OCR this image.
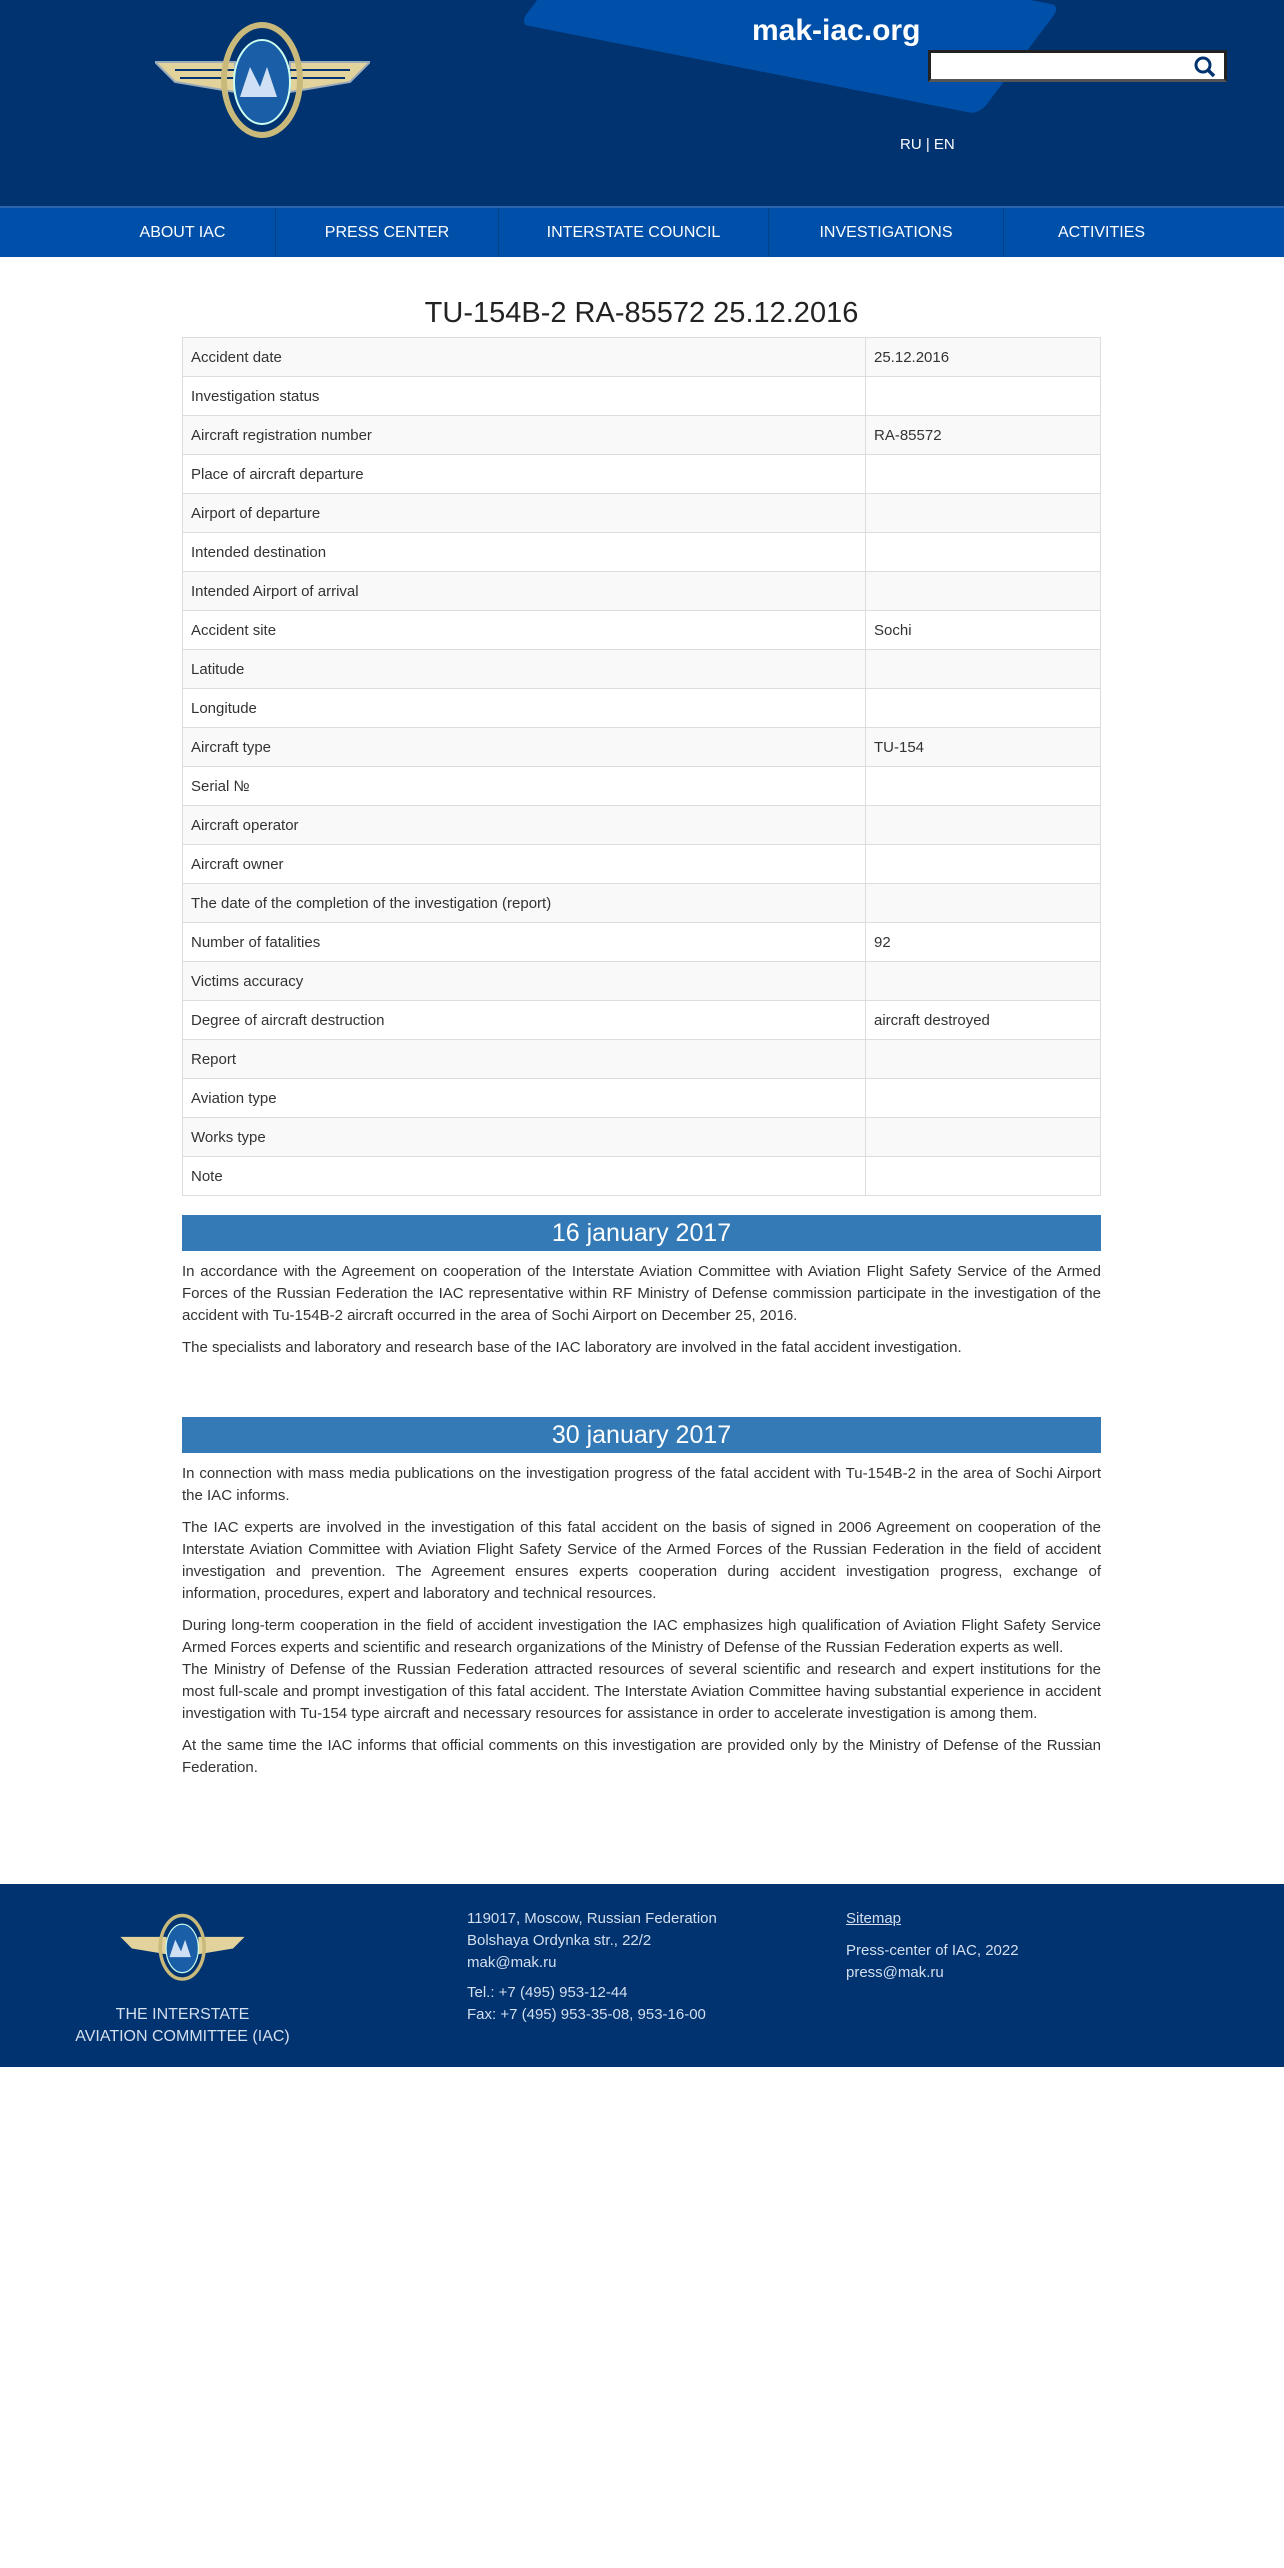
mak-iac.org
RU | EN
ABOUT IAC	PRESS CENTER	INTERSTATE COUNCIL	INVESTIGATIONS	ACTIVITIES
TU-154B-2 RA-85572 25.12.2016
Accident date	25.12.2016
Investigation status	
Aircraft registration number	RA-85572
Place of aircraft departure	
Airport of departure	
Intended destination	
Intended Airport of arrival	
Accident site	Sochi
Latitude	
Longitude	
Aircraft type	TU-154
Serial №	
Aircraft operator	
Aircraft owner	
The date of the completion of the investigation (report)	
Number of fatalities	92
Victims accuracy	
Degree of aircraft destruction	aircraft destroyed
Report	
Aviation type	
Works type	
Note	
16 january 2017

In accordance with the Agreement on cooperation of the Interstate Aviation Committee with Aviation Flight Safety Service of the Armed Forces of the Russian Federation the IAC representative within RF Ministry of Defense commission participate in the investigation of the accident with Tu-154B-2 aircraft occurred in the area of Sochi Airport on December 25, 2016.

The specialists and laboratory and research base of the IAC laboratory are involved in the fatal accident investigation.

30 january 2017

In connection with mass media publications on the investigation progress of the fatal accident with Tu-154B-2 in the area of Sochi Airport the IAC informs.

The IAC experts are involved in the investigation of this fatal accident on the basis of signed in 2006 Agreement on cooperation of the Interstate Aviation Committee with Aviation Flight Safety Service of the Armed Forces of the Russian Federation in the field of accident investigation and prevention. The Agreement ensures experts cooperation during accident investigation progress, exchange of information, procedures, expert and laboratory and technical resources.

During long-term cooperation in the field of accident investigation the IAC emphasizes high qualification of Aviation Flight Safety Service Armed Forces experts and scientific and research organizations of the Ministry of Defense of the Russian Federation experts as well.

The Ministry of Defense of the Russian Federation attracted resources of several scientific and research and expert institutions for the most full-scale and prompt investigation of this fatal accident. The Interstate Aviation Committee having substantial experience in accident investigation with Tu-154 type aircraft and necessary resources for assistance in order to accelerate investigation is among them.

At the same time the IAC informs that official comments on this investigation are provided only by the Ministry of Defense of the Russian Federation.

THE INTERSTATE
AVIATION COMMITTEE (IAC)
119017, Moscow, Russian Federation
Bolshaya Ordynka str., 22/2
mak@mak.ru
Tel.: +7 (495) 953-12-44
Fax: +7 (495) 953-35-08, 953-16-00
Sitemap
Press-center of IAC, 2022
press@mak.ru
